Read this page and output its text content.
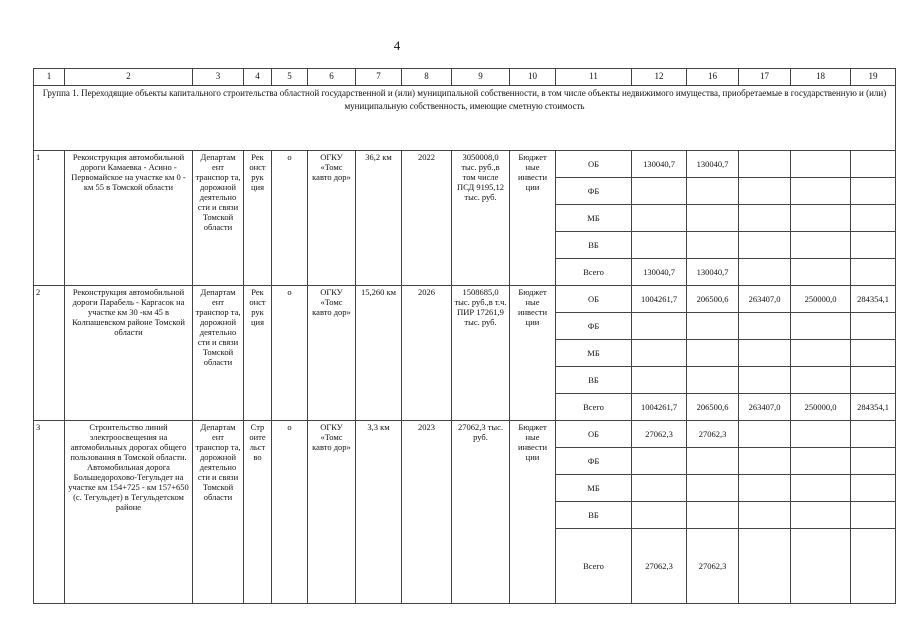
4
1	2	3	4	5	6	7	8	9	10	11	12	16	17	18	19
Группа 1. Переходящие объекты капитального строительства областной государственной и (или) муниципальной собственности, в том числе объекты недвижимого имущества, приобретаемые в государственную и (или) муниципальную собственность, имеющие сметную стоимость															
1	Реконструкция автомобильной дороги Камаевка - Асино - Первомайское на участке км 0 - км 55 в Томской области	Департам ент транспор та, дорожной деятельно сти и связи Томской области	Рек онст рук ция	о	ОГКУ «Томс кавто дор»	36,2 км	2022	3050008,0 тыс. руб.,в том числе ПСД 9195,12 тыс. руб.	Бюджет ные инвести ции	ОБ	130040,7	130040,7			
										ФБ					
										МБ					
										ВБ					
										Всего	130040,7	130040,7			
2	Реконструкция автомобильной дороги Парабель - Каргасок на участке км 30 -км 45 в Колпашевском районе Томской области	Департам ент транспор та, дорожной деятельно сти и связи Томской области	Рек онст рук ция	о	ОГКУ «Томс кавто дор»	15,260 км	2026	1508685,0 тыс. руб.,в т.ч. ПИР 17261,9 тыс. руб.	Бюджет ные инвести ции	ОБ	1004261,7	206500,6	263407,0	250000,0	284354,1
										ФБ					
										МБ					
										ВБ					
										Всего	1004261,7	206500,6	263407,0	250000,0	284354,1
3	Строительство линий электроосвещения на автомобильных дорогах общего пользования в Томской области. Автомобильная дорога Большедорохово-Тегульдет на участке км 154+725 - км 157+650 (с. Тегульдет) в Тегульдетском районе	Департам ент транспор та, дорожной деятельно сти и связи Томской области	Стр оите льст во	о	ОГКУ «Томс кавто дор»	3,3 км	2023	27062,3 тыс. руб.	Бюджет ные инвести ции	ОБ	27062,3	27062,3			
										ФБ					
										МБ					
										ВБ					
										Всего	27062,3	27062,3			
